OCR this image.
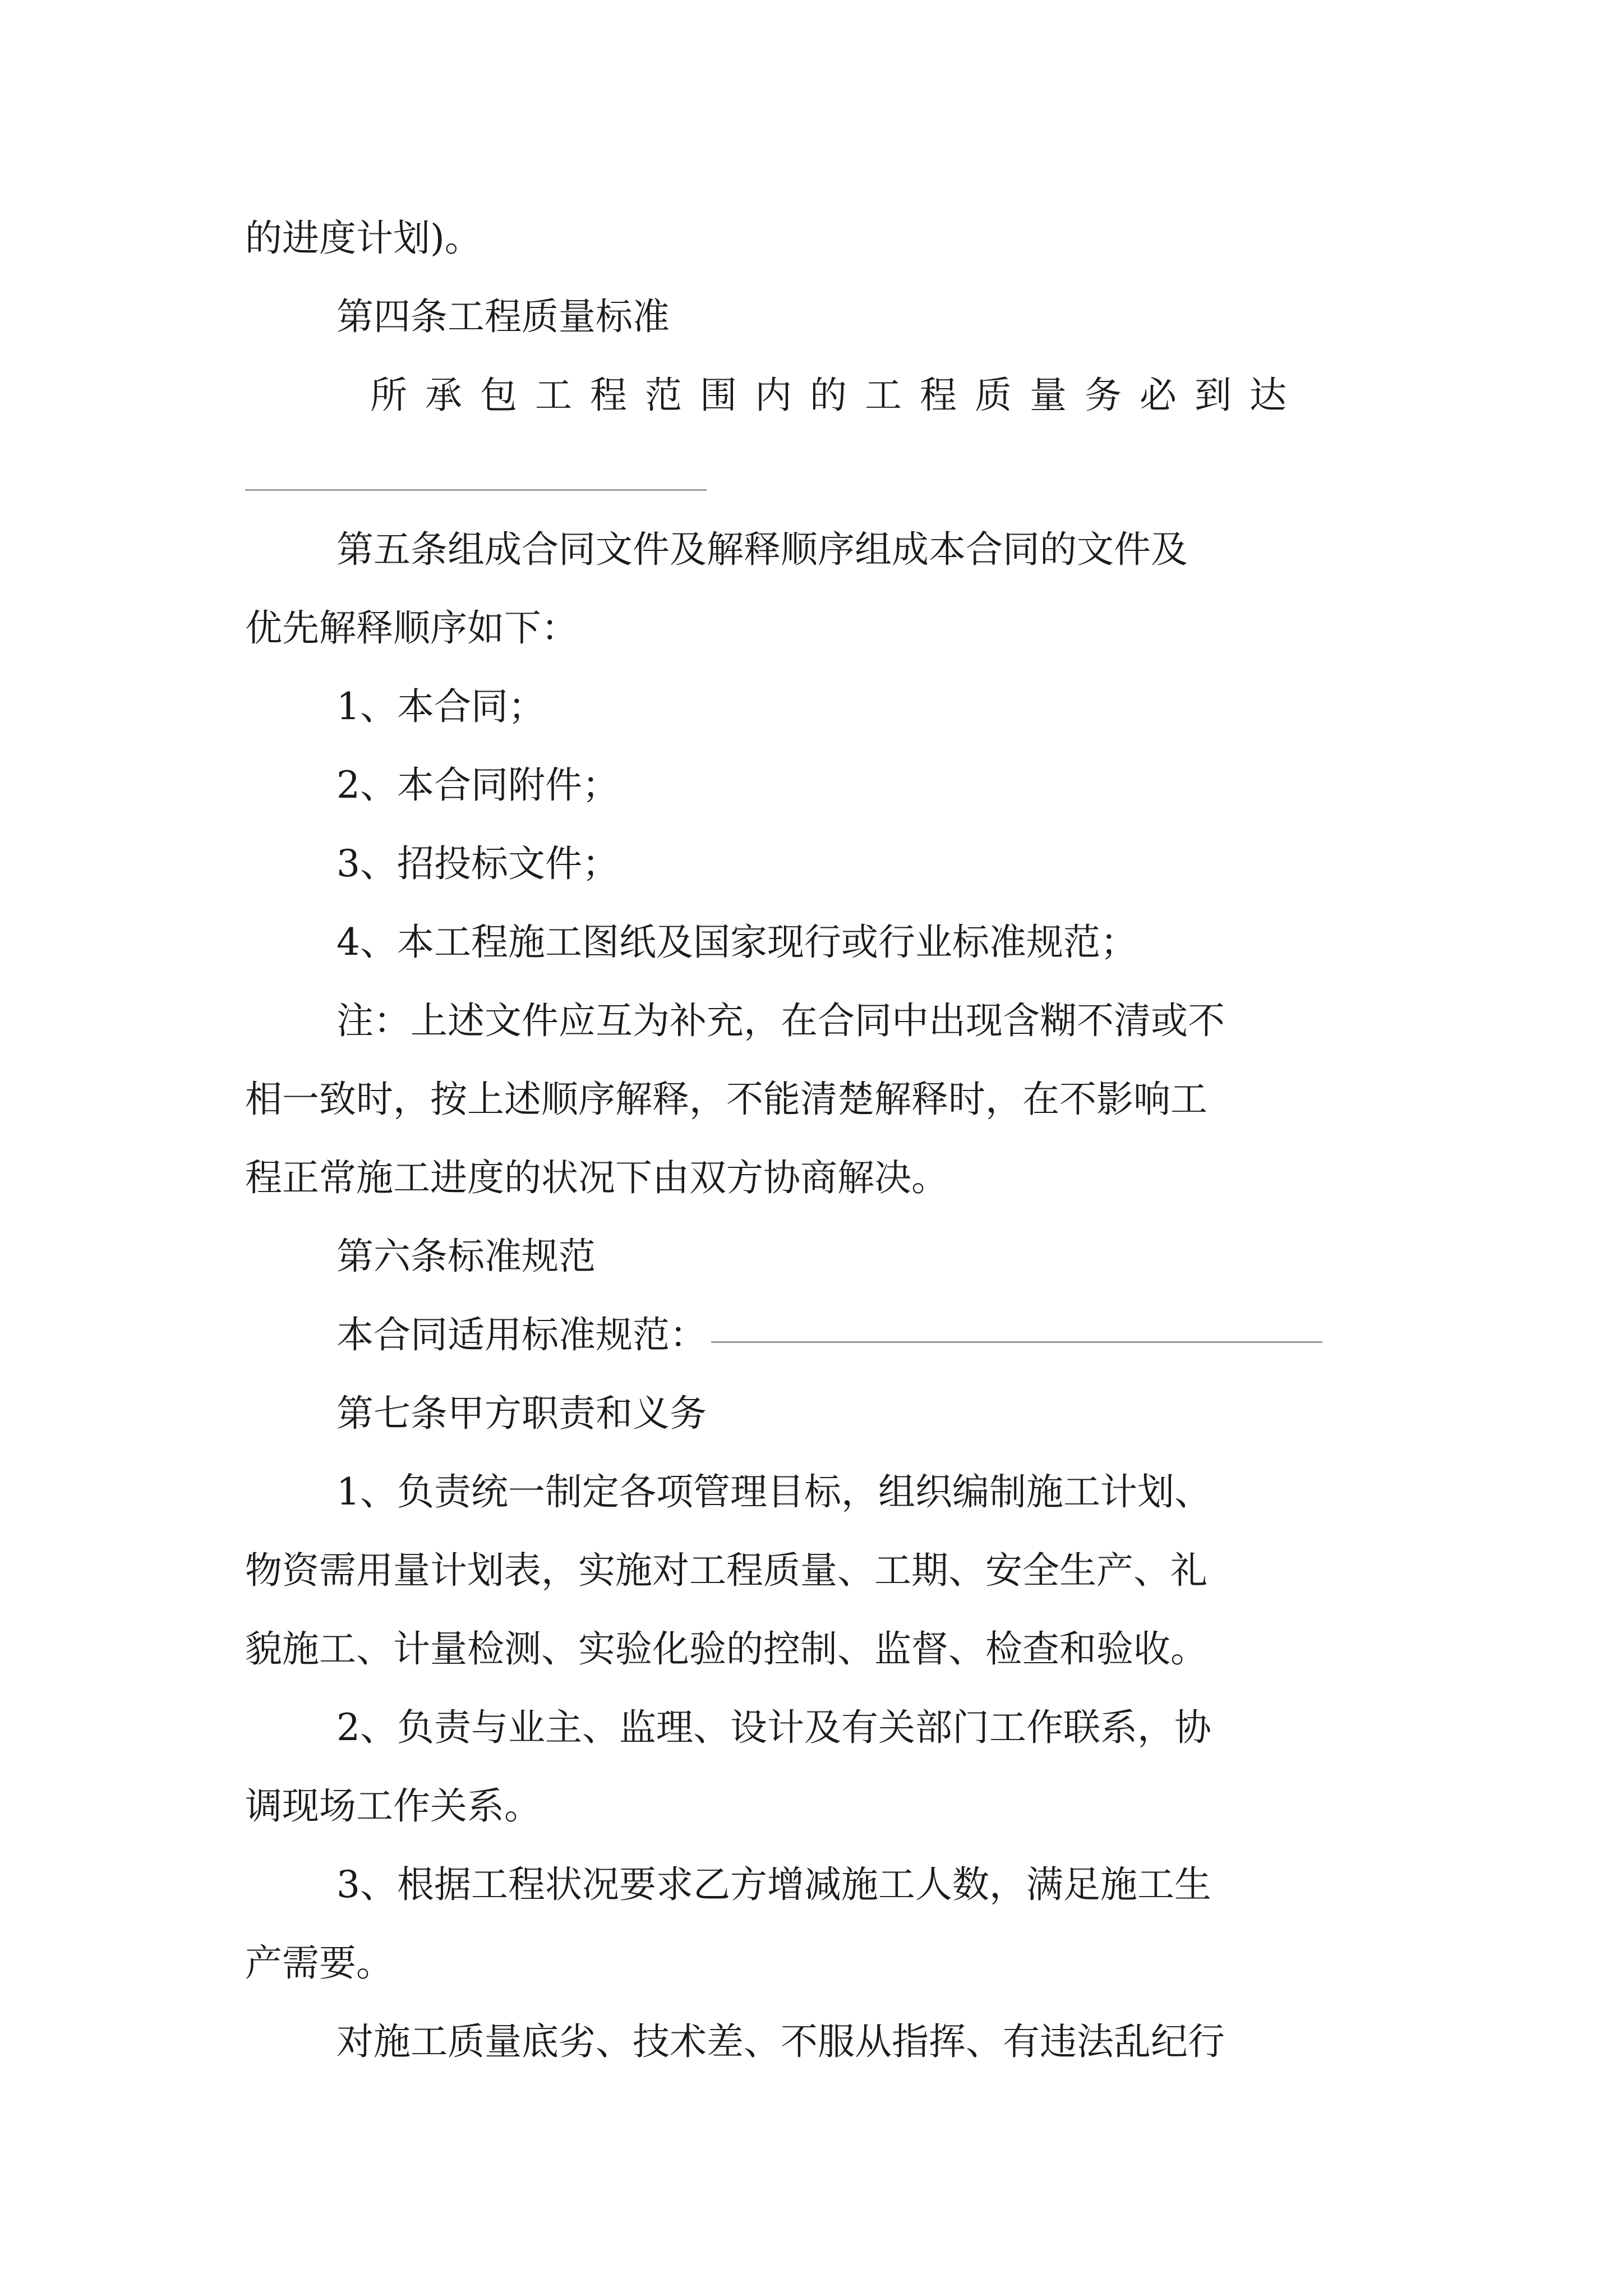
的进度计划)。
第四条工程质量标准
所承包工程范围内的工程质量务必到达
第五条组成合同文件及解释顺序组成本合同的文件及
优先解释顺序如下：
1、本合同；
2、本合同附件；
3、招投标文件；
4、本工程施工图纸及国家现行或行业标准规范；
注：上述文件应互为补充，在合同中出现含糊不清或不
相一致时，按上述顺序解释，不能清楚解释时，在不影响工
程正常施工进度的状况下由双方协商解决。
第六条标准规范
本合同适用标准规范：
第七条甲方职责和义务
1、负责统一制定各项管理目标，组织编制施工计划、
物资需用量计划表，实施对工程质量、工期、安全生产、礼
貌施工、计量检测、实验化验的控制、监督、检查和验收。
2、负责与业主、监理、设计及有关部门工作联系，协
调现场工作关系。
3、根据工程状况要求乙方增减施工人数，满足施工生
产需要。
对施工质量底劣、技术差、不服从指挥、有违法乱纪行
